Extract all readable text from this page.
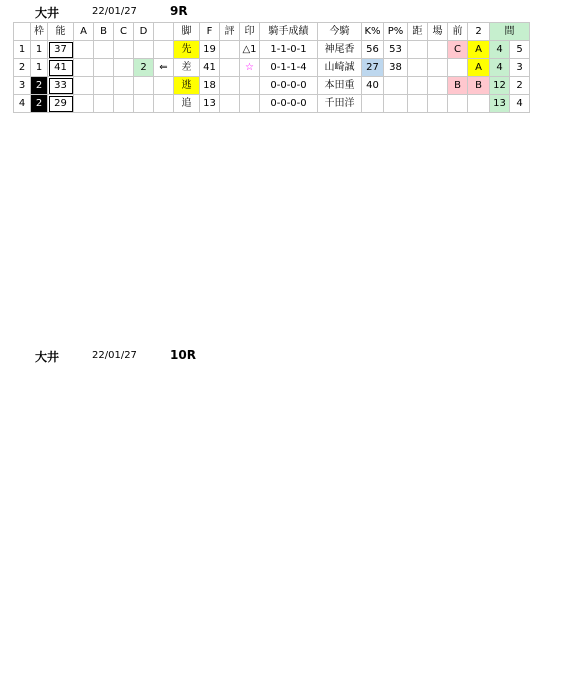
大井	22/01/27	9R
	枠	能	A	B	C	D		脚	F	評	印	騎手成績	今騎	K%	P%	距	場	前	2	間	
1	1	37						先	19		△1	1-1-0-1	神尾香	56	53			C	A	4	5
2	1	41				2	⇐	差	41		☆	0-1-1-4	山崎誠	27	38				A	4	3
3	2	33						逃	18			0-0-0-0	本田重	40				B	B	12	2
4	2	29						追	13			0-0-0-0	千田洋							13	4
大井	22/01/27	10R
